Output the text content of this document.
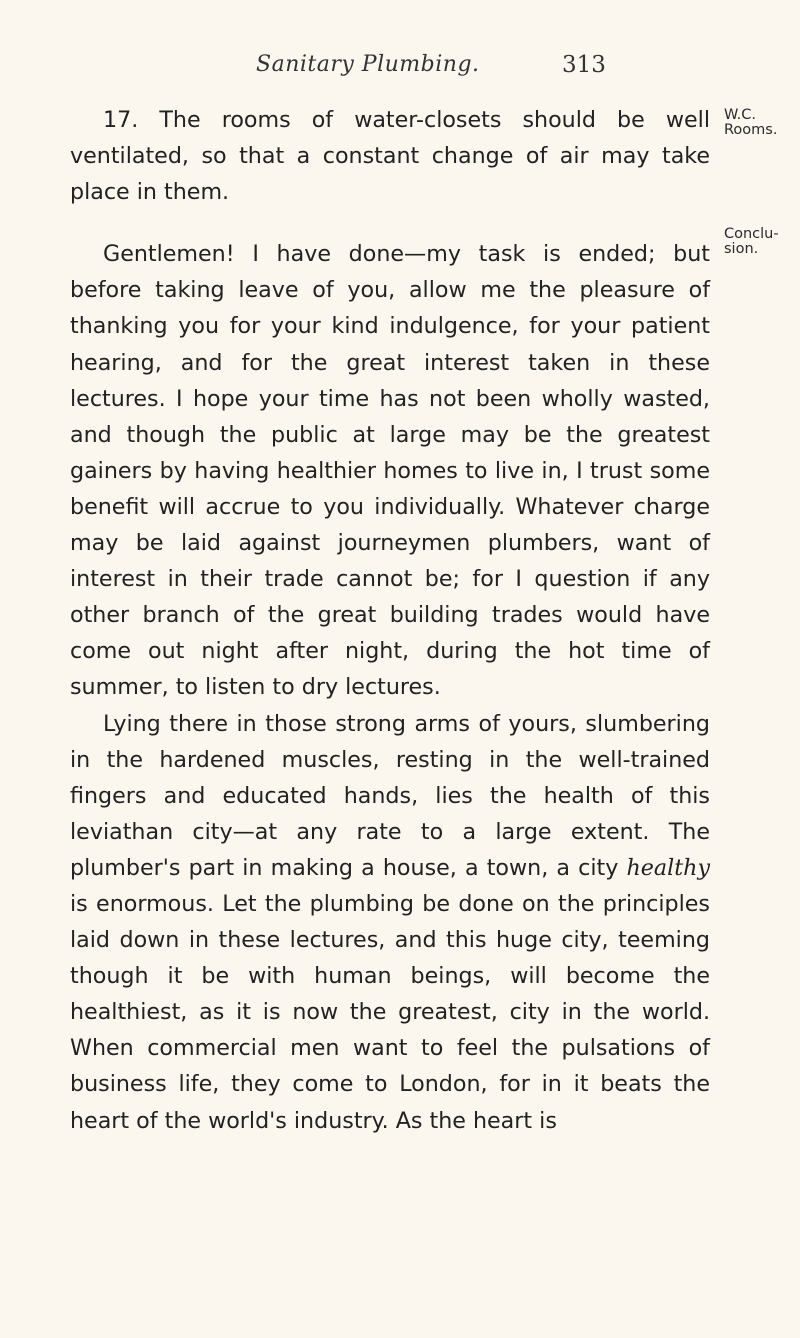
Sanitary Plumbing.	313
W.C.
Rooms.
Conclu-
sion.

17. The rooms of water-closets should be well ventilated, so that a constant change of air may take place in them.

Gentlemen! I have done—my task is ended; but before taking leave of you, allow me the pleasure of thanking you for your kind indulgence, for your patient hearing, and for the great interest taken in these lectures. I hope your time has not been wholly wasted, and though the public at large may be the greatest gainers by having healthier homes to live in, I trust some benefit will accrue to you individually. Whatever charge may be laid against journeymen plumbers, want of interest in their trade cannot be; for I question if any other branch of the great building trades would have come out night after night, during the hot time of summer, to listen to dry lectures.

Lying there in those strong arms of yours, slumbering in the hardened muscles, resting in the well-trained fingers and educated hands, lies the health of this leviathan city—at any rate to a large extent. The plumber's part in making a house, a town, a city healthy is enormous. Let the plumbing be done on the principles laid down in these lectures, and this huge city, teeming though it be with human beings, will become the healthiest, as it is now the greatest, city in the world. When commercial men want to feel the pulsations of business life, they come to London, for in it beats the heart of the world's industry. As the heart is
